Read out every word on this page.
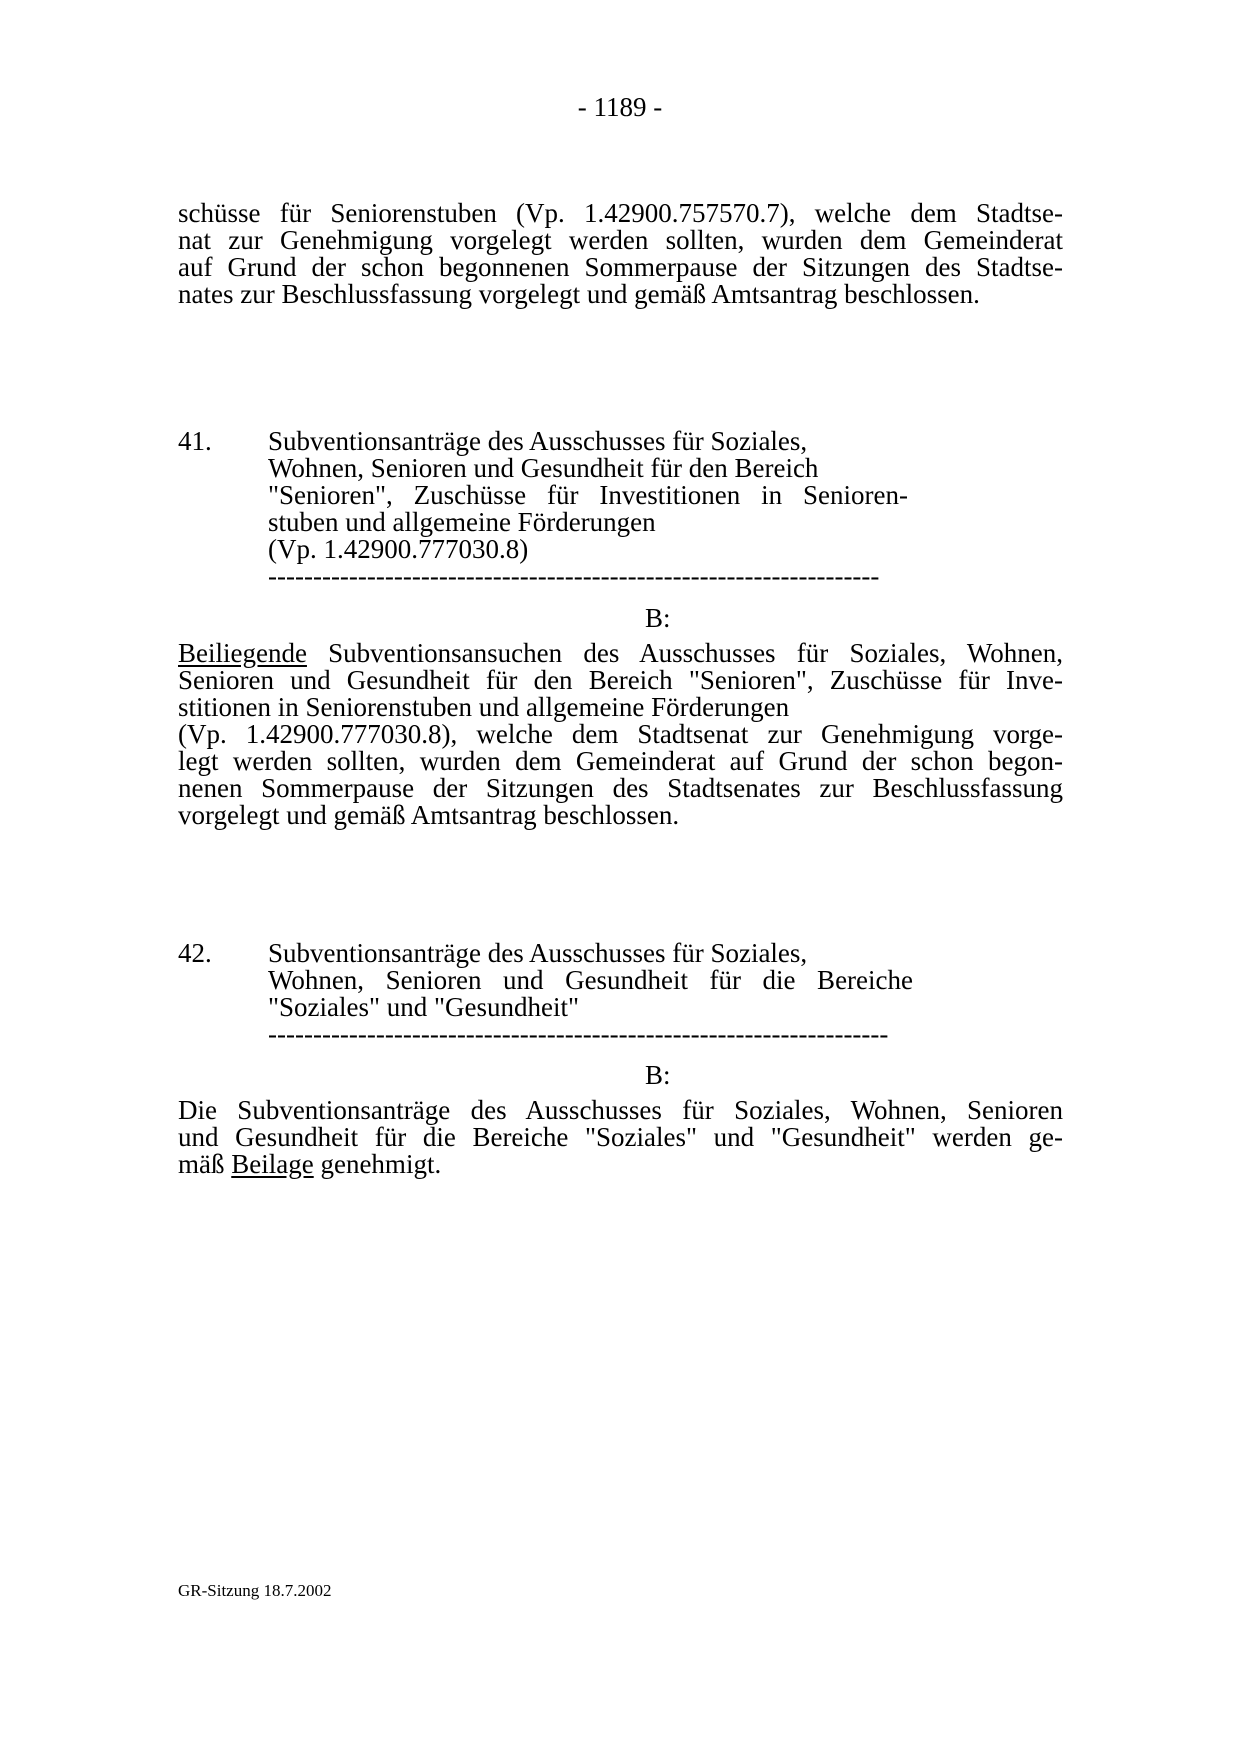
- 1189 -
schüsse für Seniorenstuben (Vp. 1.42900.757570.7), welche dem Stadtse-
nat zur Genehmigung vorgelegt werden sollten, wurden dem Gemeinderat
auf Grund der schon begonnenen Sommerpause der Sitzungen des Stadtse-
nates zur Beschlussfassung vorgelegt und gemäß Amtsantrag beschlossen.
41. Subventionsanträge des Ausschusses für Soziales,
Wohnen, Senioren und Gesundheit für den Bereich
"Senioren", Zuschüsse für Investitionen in Senioren-
stuben und allgemeine Förderungen
(Vp. 1.42900.777030.8)
--------------------------------------------------------------------
B:
Beiliegende Subventionsansuchen des Ausschusses für Soziales, Wohnen,
Senioren und Gesundheit für den Bereich "Senioren", Zuschüsse für Inve-
stitionen in Seniorenstuben und allgemeine Förderungen
(Vp. 1.42900.777030.8), welche dem Stadtsenat zur Genehmigung vorge-
legt werden sollten, wurden dem Gemeinderat auf Grund der schon begon-
nenen Sommerpause der Sitzungen des Stadtsenates zur Beschlussfassung
vorgelegt und gemäß Amtsantrag beschlossen.
42. Subventionsanträge des Ausschusses für Soziales,
Wohnen, Senioren und Gesundheit für die Bereiche
"Soziales" und "Gesundheit"
---------------------------------------------------------------------
B:
Die Subventionsanträge des Ausschusses für Soziales, Wohnen, Senioren
und Gesundheit für die Bereiche "Soziales" und "Gesundheit" werden ge-
mäß Beilage genehmigt.
GR-Sitzung 18.7.2002
